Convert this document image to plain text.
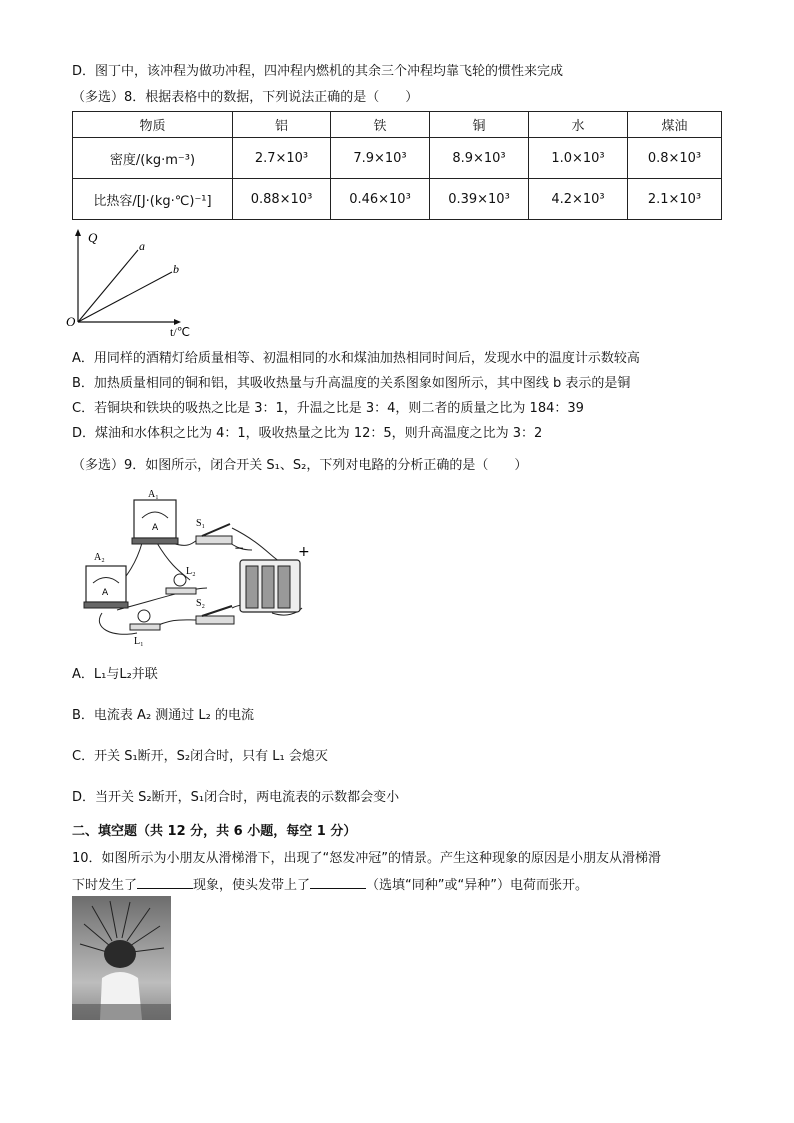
D．图丁中，该冲程为做功冲程，四冲程内燃机的其余三个冲程均靠飞轮的惯性来完成
（多选）8．根据表格中的数据，下列说法正确的是（　　）
物质	铝	铁	铜	水	煤油
密度/(kg·m⁻³)	2.7×10³	7.9×10³	8.9×10³	1.0×10³	0.8×10³
比热容/[J·(kg·℃)⁻¹]	0.88×10³	0.46×10³	0.39×10³	4.2×10³	2.1×10³
Q
a
b
O
t/℃
A．用同样的酒精灯给质量相等、初温相同的水和煤油加热相同时间后，发现水中的温度计示数较高
B．加热质量相同的铜和铝，其吸收热量与升高温度的关系图象如图所示，其中图线 b 表示的是铜
C．若铜块和铁块的吸热之比是 3：1，升温之比是 3：4，则二者的质量之比为 184：39
D．煤油和水体积之比为 4：1，吸收热量之比为 12：5，则升高温度之比为 3：2
（多选）9．如图所示，闭合开关 S₁、S₂，下列对电路的分析正确的是（　　）
A
A₁
A
A₂
S₁
S₂
L₂
L₁
−	+
A．L₁与L₂并联
B．电流表 A₂ 测通过 L₂ 的电流
C．开关 S₁断开，S₂闭合时，只有 L₁ 会熄灭
D．当开关 S₂断开，S₁闭合时，两电流表的示数都会变小
二、填空题（共 12 分，共 6 小题，每空 1 分）
10．如图所示为小朋友从滑梯滑下，出现了“怒发冲冠”的情景。产生这种现象的原因是小朋友从滑梯滑
下时发生了	现象，使头发带上了	（选填“同种”或“异种”）电荷而张开。
